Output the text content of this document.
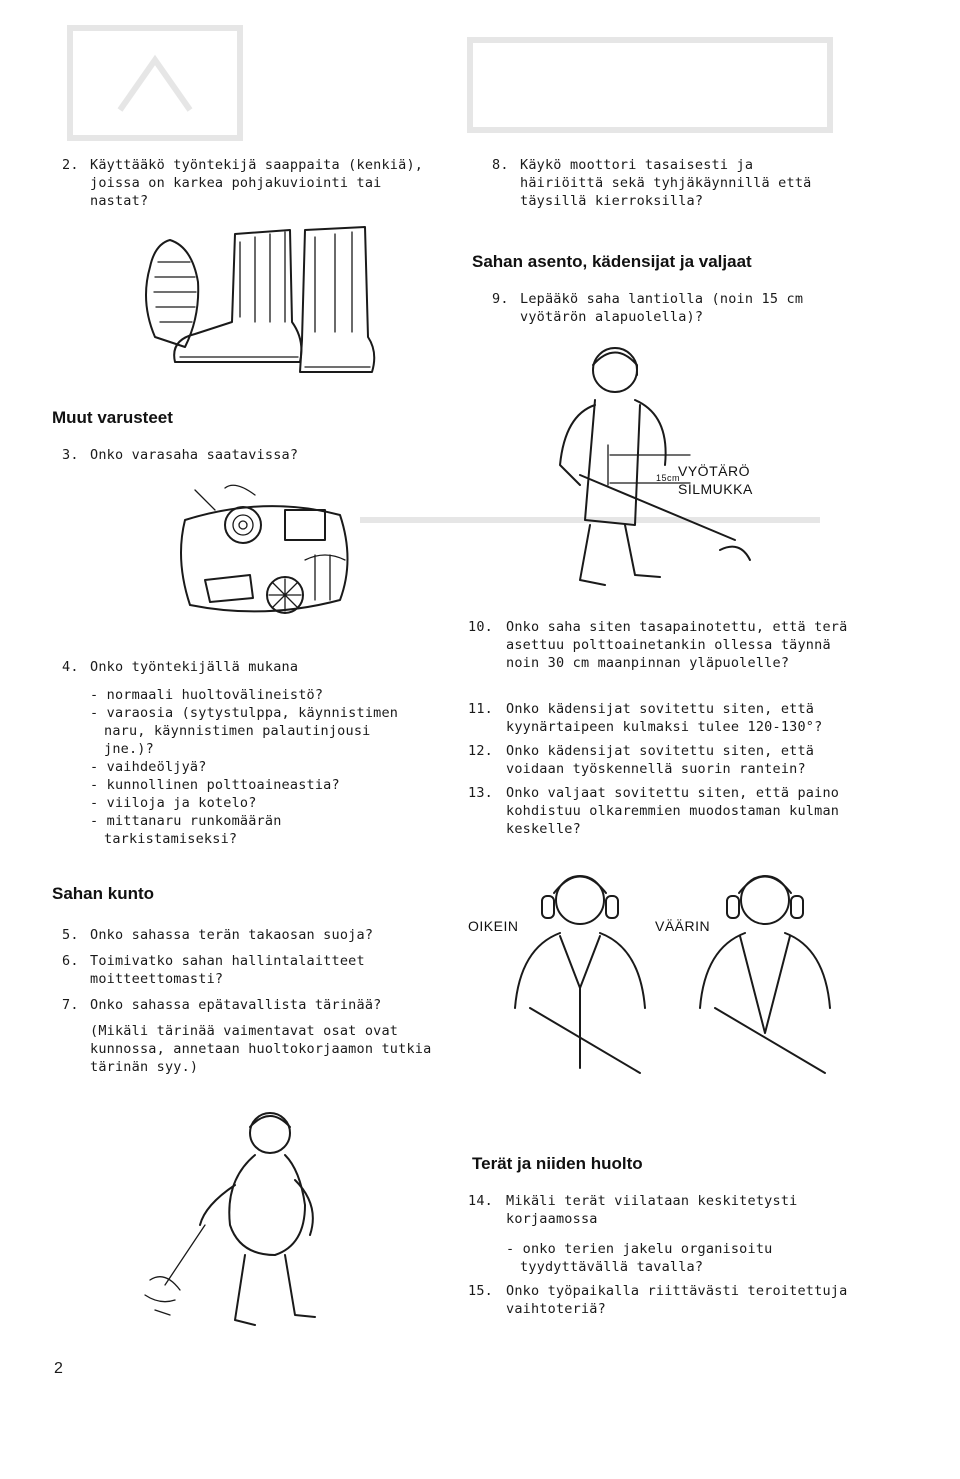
2. Käyttääkö työntekijä saappaita (kenkiä), joissa on karkea pohjakuviointi tai nastat?
Muut varusteet
3. Onko varasaha saatavissa?
4. Onko työntekijällä mukana
- normaali huoltovälineistö?
- varaosia (sytystulppa, käynnistimen naru, käynnistimen palautinjousi jne.)?
- vaihdeöljyä?
- kunnollinen polttoaineastia?
- viiloja ja kotelo?
- mittanaru runkomäärän tarkistamiseksi?
Sahan kunto
5. Onko sahassa terän takaosan suoja?
6. Toimivatko sahan hallintalaitteet moitteettomasti?
7. Onko sahassa epätavallista tärinää?
(Mikäli tärinää vaimentavat osat ovat kunnossa, annetaan huoltokorjaamon tutkia tärinän syy.)
8. Käykö moottori tasaisesti ja häiriöittä sekä tyhjäkäynnillä että täysillä kierroksilla?
Sahan asento, kädensijat ja valjaat
9. Lepääkö saha lantiolla (noin 15 cm vyötärön alapuolella)?
VYÖTÄRÖ
15cm
SILMUKKA
10. Onko saha siten tasapainotettu, että terä asettuu polttoainetankin ollessa täynnä noin 30 cm maanpinnan yläpuolelle?
11. Onko kädensijat sovitettu siten, että kyynärtaipeen kulmaksi tulee 120-130°?
12. Onko kädensijat sovitettu siten, että voidaan työskennellä suorin rantein?
13. Onko valjaat sovitettu siten, että paino kohdistuu olkaremmien muodostaman kulman keskelle?
OIKEIN	VÄÄRIN
Terät ja niiden huolto
14. Mikäli terät viilataan keskitetysti korjaamossa
- onko terien jakelu organisoitu tyydyttävällä tavalla?
15. Onko työpaikalla riittävästi teroitettuja vaihtoteriä?
2
